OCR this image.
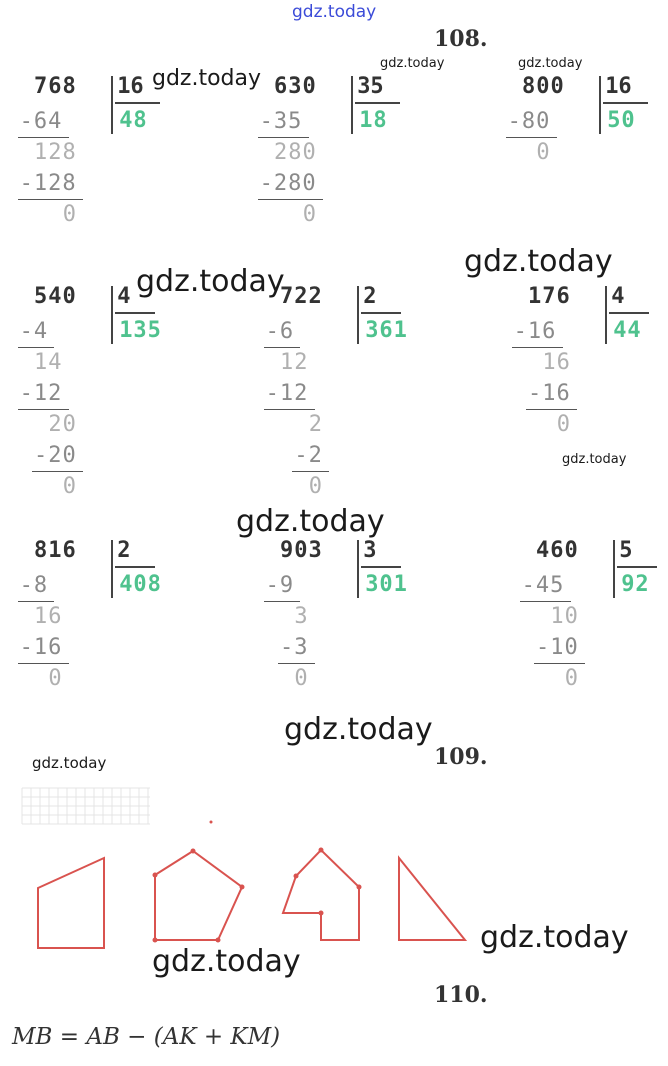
gdz.today
gdz.today	gdz.today
gdz.today
gdz.today
gdz.today
gdz.today
gdz.today
gdz.today
gdz.today
gdz.today
gdz.today
108.
109.
110.
768 16
48
-64
128
-128
0
630 35
18
-35
280
-280
0
800 16
50
-80
0
540 4
135
-4
14
-12
20
-20
0
722 2
361
-6
12
-12
2
-2
0
176 4
44
-16
16
-16
0
816 2
408
-8
16
-16
0
903 3
301
-9
3
-3
0
460 5
92
-45
10
-10
0
MB = AB − (AK + KM)
